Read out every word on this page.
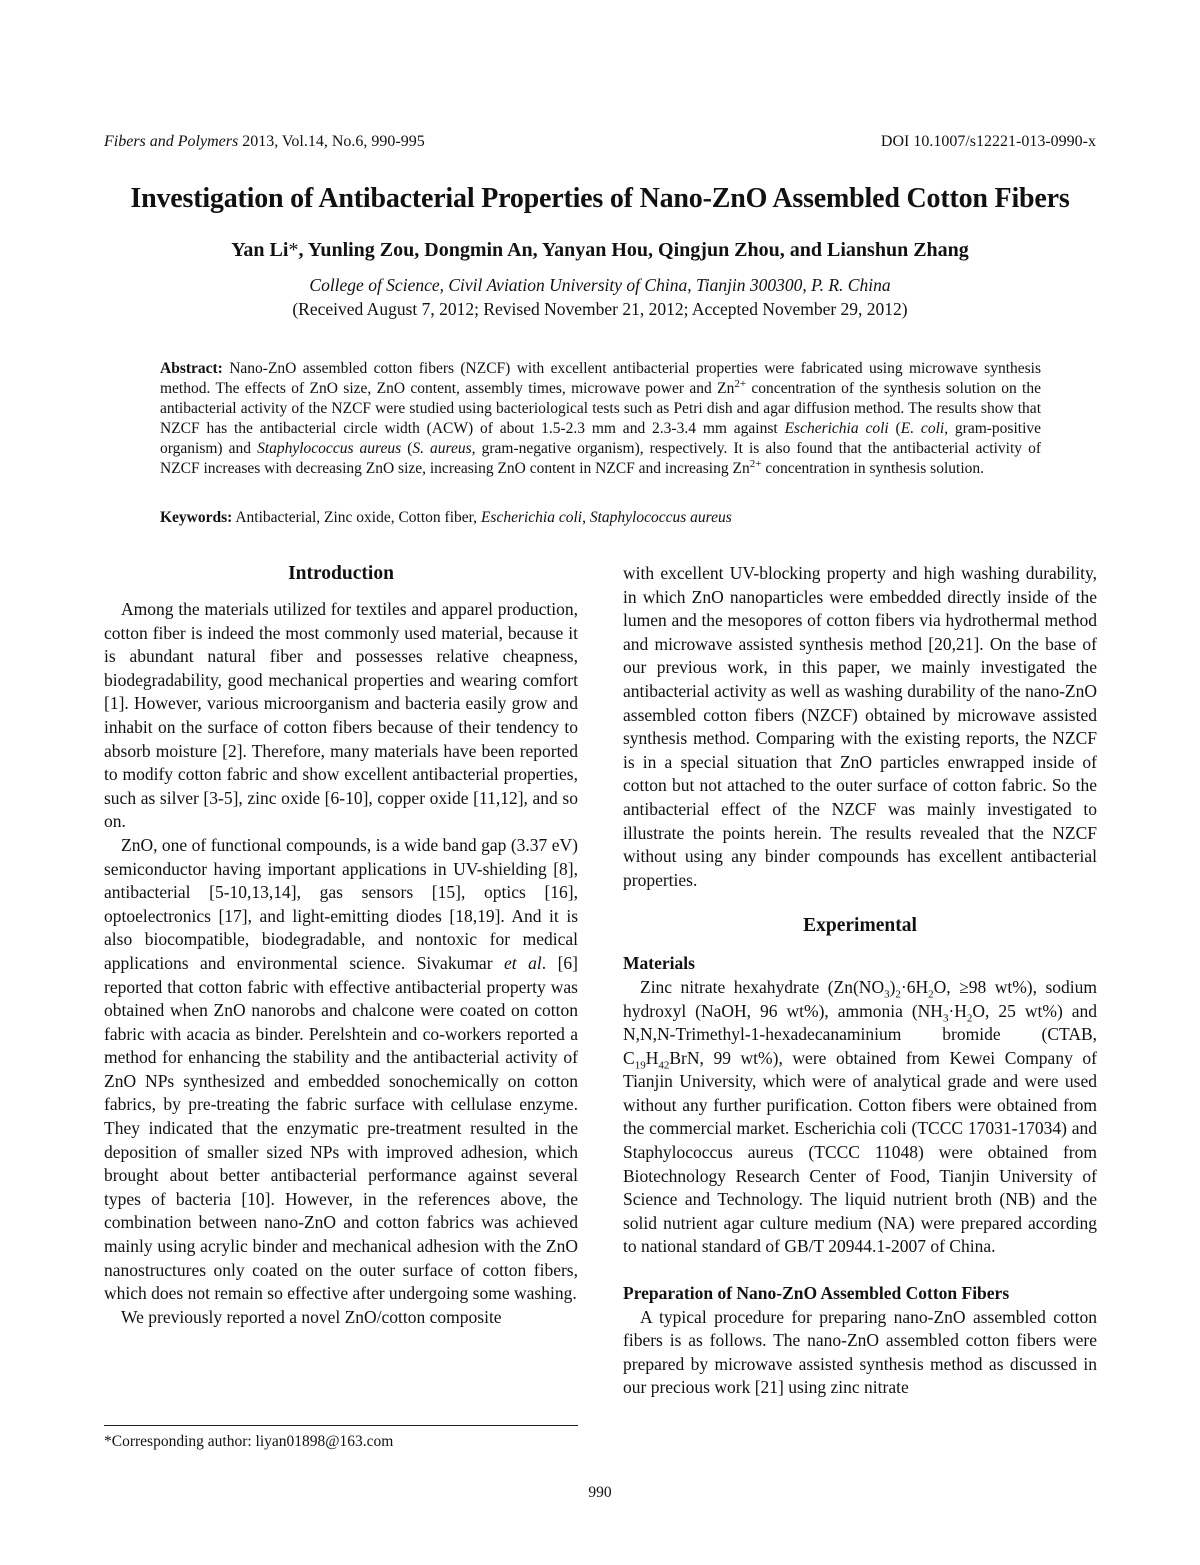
Fibers and Polymers 2013, Vol.14, No.6, 990-995	DOI 10.1007/s12221-013-0990-x
Investigation of Antibacterial Properties of Nano-ZnO Assembled Cotton Fibers
Yan Li*, Yunling Zou, Dongmin An, Yanyan Hou, Qingjun Zhou, and Lianshun Zhang
College of Science, Civil Aviation University of China, Tianjin 300300, P. R. China
(Received August 7, 2012; Revised November 21, 2012; Accepted November 29, 2012)
Abstract: Nano-ZnO assembled cotton fibers (NZCF) with excellent antibacterial properties were fabricated using microwave synthesis method. The effects of ZnO size, ZnO content, assembly times, microwave power and $Zn^{2+}$ concentration of the synthesis solution on the antibacterial activity of the NZCF were studied using bacteriological tests such as Petri dish and agar diffusion method. The results show that NZCF has the antibacterial circle width (ACW) of about 1.5-2.3 mm and 2.3-3.4 mm against Escherichia coli (E. coli, gram-positive organism) and Staphylococcus aureus (S. aureus, gram-negative organism), respectively. It is also found that the antibacterial activity of NZCF increases with decreasing ZnO size, increasing ZnO content in NZCF and increasing $Zn^{2+}$ concentration in synthesis solution.
Keywords: Antibacterial, Zinc oxide, Cotton fiber, Escherichia coli, Staphylococcus aureus
Introduction

Among the materials utilized for textiles and apparel production, cotton fiber is indeed the most commonly used material, because it is abundant natural fiber and possesses relative cheapness, biodegradability, good mechanical properties and wearing comfort [1]. However, various microorganism and bacteria easily grow and inhabit on the surface of cotton fibers because of their tendency to absorb moisture [2]. Therefore, many materials have been reported to modify cotton fabric and show excellent antibacterial properties, such as silver [3-5], zinc oxide [6-10], copper oxide [11,12], and so on.

ZnO, one of functional compounds, is a wide band gap (3.37 eV) semiconductor having important applications in UV-shielding [8], antibacterial [5-10,13,14], gas sensors [15], optics [16], optoelectronics [17], and light-emitting diodes [18,19]. And it is also biocompatible, biodegradable, and nontoxic for medical applications and environmental science. Sivakumar et al. [6] reported that cotton fabric with effective antibacterial property was obtained when ZnO nanorobs and chalcone were coated on cotton fabric with acacia as binder. Perelshtein and co-workers reported a method for enhancing the stability and the antibacterial activity of ZnO NPs synthesized and embedded sonochemically on cotton fabrics, by pre-treating the fabric surface with cellulase enzyme. They indicated that the enzymatic pre-treatment resulted in the deposition of smaller sized NPs with improved adhesion, which brought about better antibacterial performance against several types of bacteria [10]. However, in the references above, the combination between nano-ZnO and cotton fabrics was achieved mainly using acrylic binder and mechanical adhesion with the ZnO nanostructures only coated on the outer surface of cotton fibers, which does not remain so effective after undergoing some washing.

We previously reported a novel ZnO/cotton composite

with excellent UV-blocking property and high washing durability, in which ZnO nanoparticles were embedded directly inside of the lumen and the mesopores of cotton fibers via hydrothermal method and microwave assisted synthesis method [20,21]. On the base of our previous work, in this paper, we mainly investigated the antibacterial activity as well as washing durability of the nano-ZnO assembled cotton fibers (NZCF) obtained by microwave assisted synthesis method. Comparing with the existing reports, the NZCF is in a special situation that ZnO particles enwrapped inside of cotton but not attached to the outer surface of cotton fabric. So the antibacterial effect of the NZCF was mainly investigated to illustrate the points herein. The results revealed that the NZCF without using any binder compounds has excellent antibacterial properties.

Experimental
Materials

Zinc nitrate hexahydrate ($Zn(NO_3)_2\cdot 6H_2O$, ≥98 wt%), sodium hydroxyl (NaOH, 96 wt%), ammonia ($NH_3\cdot H_2O$, 25 wt%) and N,N,N-Trimethyl-1-hexadecanaminium bromide (CTAB, $C_{19}H_{42}BrN$, 99 wt%), were obtained from Kewei Company of Tianjin University, which were of analytical grade and were used without any further purification. Cotton fibers were obtained from the commercial market. Escherichia coli (TCCC 17031-17034) and Staphylococcus aureus (TCCC 11048) were obtained from Biotechnology Research Center of Food, Tianjin University of Science and Technology. The liquid nutrient broth (NB) and the solid nutrient agar culture medium (NA) were prepared according to national standard of GB/T 20944.1-2007 of China.

Preparation of Nano-ZnO Assembled Cotton Fibers

A typical procedure for preparing nano-ZnO assembled cotton fibers is as follows. The nano-ZnO assembled cotton fibers were prepared by microwave assisted synthesis method as discussed in our precious work [21] using zinc nitrate

*Corresponding author: liyan01898@163.com
990
